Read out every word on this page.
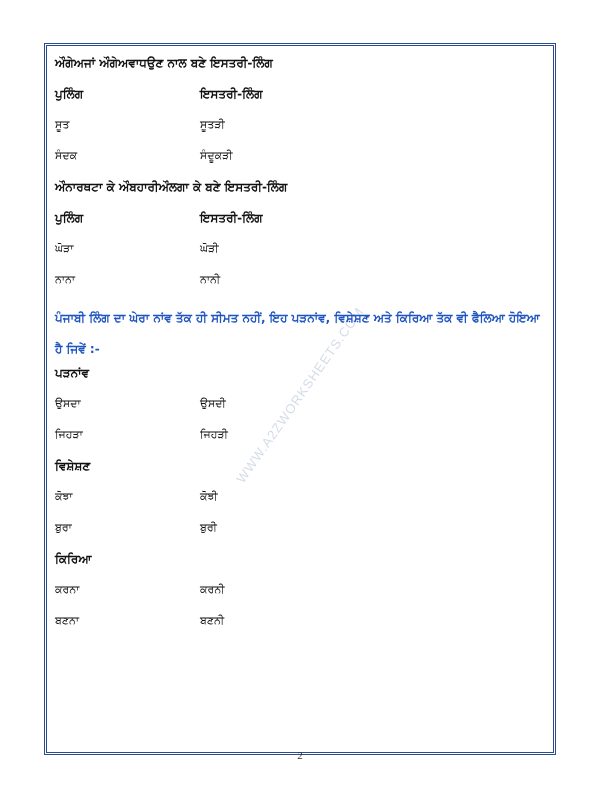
WWW.A2ZWORKSHEETS.COM
ਔਗੇਅਜਾਂ ਔਗੇਅਵਾਧਉਣ ਨਾਲ ਬਣੇ ਇਸਤਰੀ-ਲਿੰਗ
ਪੁਲਿੰਗ	ਇਸਤਰੀ-ਲਿੰਗ
ਸੂਤ	ਸੂਤੜੀ
ਸੰਦਕ	ਸੰਦੂਕੜੀ
ਔਨਾਰਥਟਾ ਕੇ ਔਬਹਾਰੀਔਲਗਾ ਕੇ ਬਣੇ ਇਸਤਰੀ-ਲਿੰਗ
ਪੁਲਿੰਗ	ਇਸਤਰੀ-ਲਿੰਗ
ਘੋੜਾ	ਘੋੜੀ
ਨਾਨਾ	ਨਾਨੀ
ਪੰਜਾਬੀ ਲਿੰਗ ਦਾ ਘੇਰਾ ਨਾਂਵ ਤੱਕ ਹੀ ਸੀਮਤ ਨਹੀਂ, ਇਹ ਪੜਨਾਂਵ, ਵਿਸ਼ੇਸ਼ਣ ਅਤੇ ਕਿਰਿਆ ਤੱਕ ਵੀ ਫੈਲਿਆ ਹੋਇਆ ਹੈ ਜਿਵੇਂ :-
ਪੜਨਾਂਵ
ਉਸਦਾ	ਉਸਦੀ
ਜਿਹੜਾ	ਜਿਹੜੀ
ਵਿਸ਼ੇਸ਼ਣ
ਕੋਝਾ	ਕੋਝੀ
ਬੁਰਾ	ਬੁਰੀ
ਕਿਰਿਆ
ਕਰਨਾ	ਕਰਨੀ
ਬਣਨਾ	ਬਣਨੀ
2
